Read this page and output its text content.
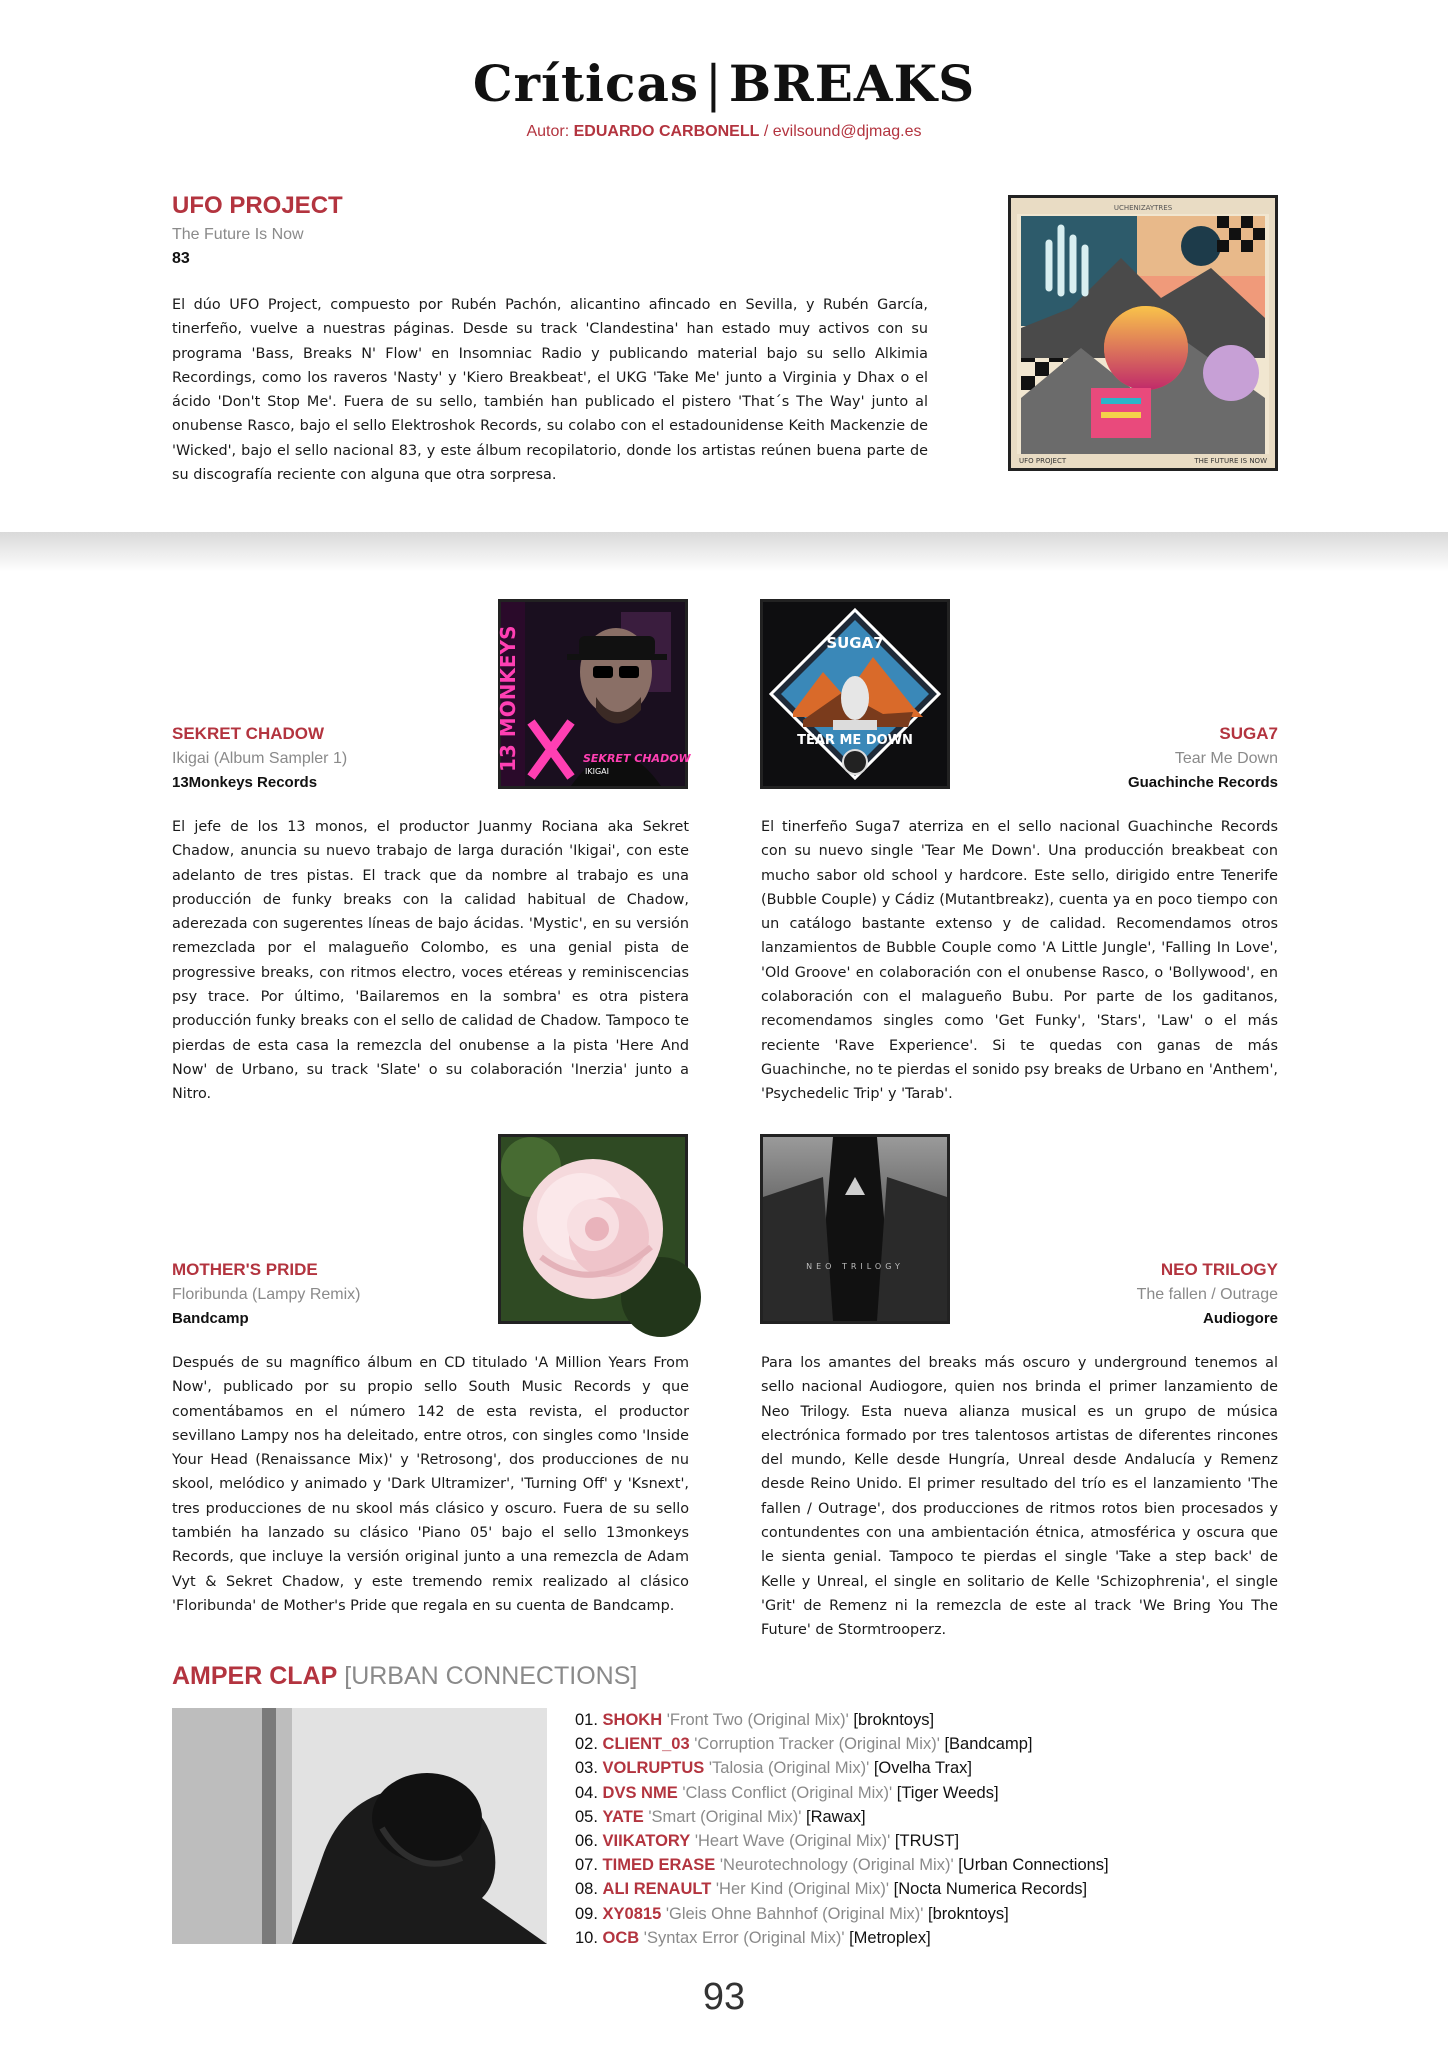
Críticas | BREAKS
Autor: EDUARDO CARBONELL / evilsound@djmag.es
UFO PROJECT
The Future Is Now
83
El dúo UFO Project, compuesto por Rubén Pachón, alicantino afincado en Sevilla, y Rubén García, tinerfeño, vuelve a nuestras páginas. Desde su track 'Clandestina' han estado muy activos con su programa 'Bass, Breaks N' Flow' en Insomniac Radio y publicando material bajo su sello Alkimia Recordings, como los raveros 'Nasty' y 'Kiero Breakbeat', el UKG 'Take Me' junto a Virginia y Dhax o el ácido 'Don't Stop Me'. Fuera de su sello, también han publicado el pistero 'That´s The Way' junto al onubense Rasco, bajo el sello Elektroshok Records, su colabo con el estadounidense Keith Mackenzie de 'Wicked', bajo el sello nacional 83, y este álbum recopilatorio, donde los artistas reúnen buena parte de su discografía reciente con alguna que otra sorpresa.
UCHENIZAYTRES
UFO PROJECT	THE FUTURE IS NOW
13 MONKEYS	SEKRET CHADOW
IKIGAI
SEKRET CHADOW
Ikigai (Album Sampler 1)
13Monkeys Records
El jefe de los 13 monos, el productor Juanmy Rociana aka Sekret Chadow, anuncia su nuevo trabajo de larga duración 'Ikigai', con este adelanto de tres pistas. El track que da nombre al trabajo es una producción de funky breaks con la calidad habitual de Chadow, aderezada con sugerentes líneas de bajo ácidas. 'Mystic', en su versión remezclada por el malagueño Colombo, es una genial pista de progressive breaks, con ritmos electro, voces etéreas y reminiscencias psy trace. Por último, 'Bailaremos en la sombra' es otra pistera producción funky breaks con el sello de calidad de Chadow. Tampoco te pierdas de esta casa la remezcla del onubense a la pista 'Here And Now' de Urbano, su track 'Slate' o su colaboración 'Inerzia' junto a Nitro.
SUGA7
TEAR ME DOWN	SUGA7
Tear Me Down
Guachinche Records
El tinerfeño Suga7 aterriza en el sello nacional Guachinche Records con su nuevo single 'Tear Me Down'. Una producción breakbeat con mucho sabor old school y hardcore. Este sello, dirigido entre Tenerife (Bubble Couple) y Cádiz (Mutantbreakz), cuenta ya en poco tiempo con un catálogo bastante extenso y de calidad. Recomendamos otros lanzamientos de Bubble Couple como 'A Little Jungle', 'Falling In Love', 'Old Groove' en colaboración con el onubense Rasco, o 'Bollywood', en colaboración con el malagueño Bubu. Por parte de los gaditanos, recomendamos singles como 'Get Funky', 'Stars', 'Law' o el más reciente 'Rave Experience'. Si te quedas con ganas de más Guachinche, no te pierdas el sonido psy breaks de Urbano en 'Anthem', 'Psychedelic Trip' y 'Tarab'.
MOTHER'S PRIDE
Floribunda (Lampy Remix)
Bandcamp
Después de su magnífico álbum en CD titulado 'A Million Years From Now', publicado por su propio sello South Music Records y que comentábamos en el número 142 de esta revista, el productor sevillano Lampy nos ha deleitado, entre otros, con singles como 'Inside Your Head (Renaissance Mix)' y 'Retrosong', dos producciones de nu skool, melódico y animado y 'Dark Ultramizer', 'Turning Off' y 'Ksnext', tres producciones de nu skool más clásico y oscuro. Fuera de su sello también ha lanzado su clásico 'Piano 05' bajo el sello 13monkeys Records, que incluye la versión original junto a una remezcla de Adam Vyt & Sekret Chadow, y este tremendo remix realizado al clásico 'Floribunda' de Mother's Pride que regala en su cuenta de Bandcamp.
NEO TRILOGY	NEO TRILOGY
The fallen / Outrage
Audiogore
Para los amantes del breaks más oscuro y underground tenemos al sello nacional Audiogore, quien nos brinda el primer lanzamiento de Neo Trilogy. Esta nueva alianza musical es un grupo de música electrónica formado por tres talentosos artistas de diferentes rincones del mundo, Kelle desde Hungría, Unreal desde Andalucía y Remenz desde Reino Unido. El primer resultado del trío es el lanzamiento 'The fallen / Outrage', dos producciones de ritmos rotos bien procesados y contundentes con una ambientación étnica, atmosférica y oscura que le sienta genial. Tampoco te pierdas el single 'Take a step back' de Kelle y Unreal, el single en solitario de Kelle 'Schizophrenia', el single 'Grit' de Remenz ni la remezcla de este al track 'We Bring You The Future' de Stormtrooperz.
AMPER CLAP [URBAN CONNECTIONS]
01. SHOKH 'Front Two (Original Mix)' [brokntoys]
02. CLIENT_03 'Corruption Tracker (Original Mix)' [Bandcamp]
03. VOLRUPTUS 'Talosia (Original Mix)' [Ovelha Trax]
04. DVS NME 'Class Conflict (Original Mix)' [Tiger Weeds]
05. YATE 'Smart (Original Mix)' [Rawax]
06. VIIKATORY 'Heart Wave (Original Mix)' [TRUST]
07. TIMED ERASE 'Neurotechnology (Original Mix)' [Urban Connections]
08. ALI RENAULT 'Her Kind (Original Mix)' [Nocta Numerica Records]
09. XY0815 'Gleis Ohne Bahnhof (Original Mix)' [brokntoys]
10. OCB 'Syntax Error (Original Mix)' [Metroplex]
93
